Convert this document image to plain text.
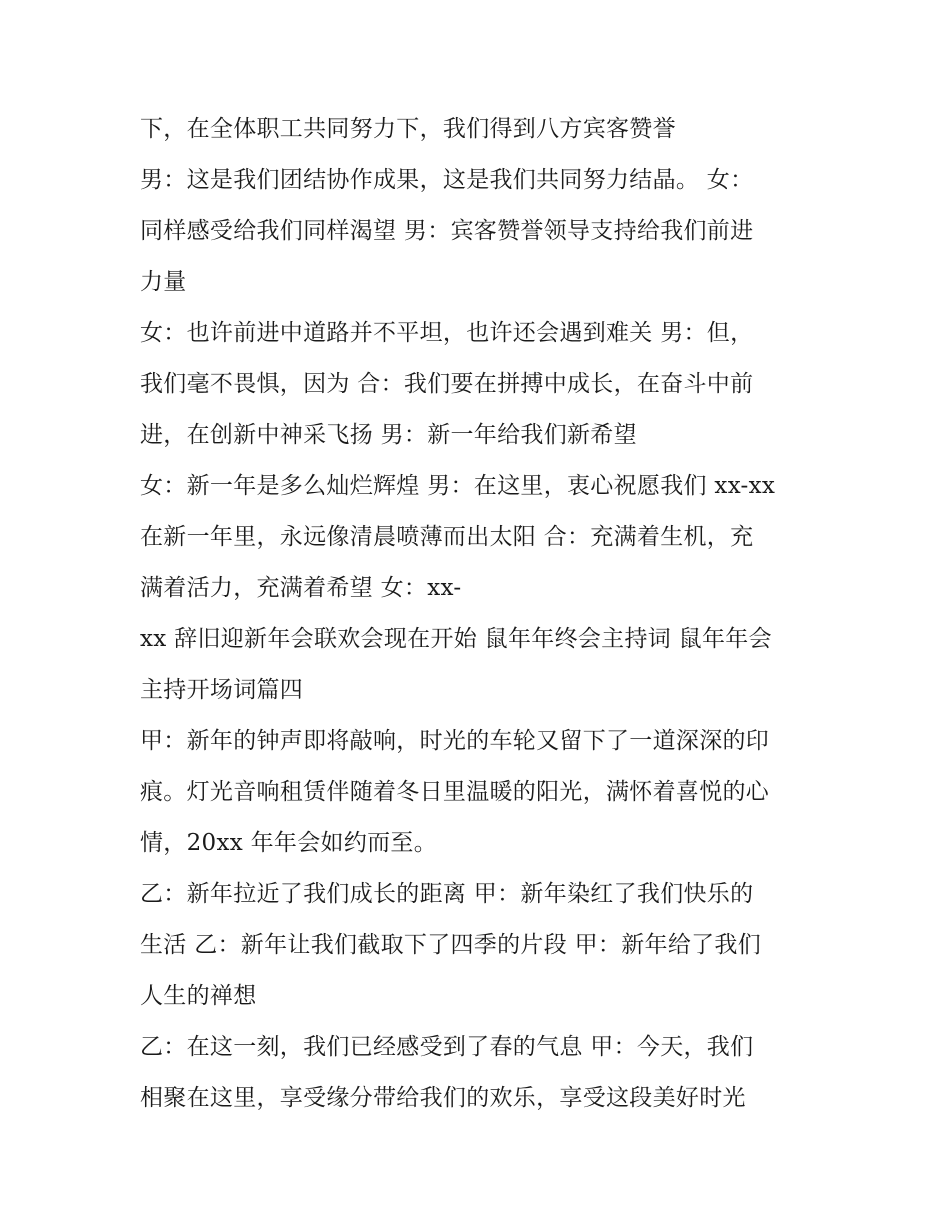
下，在全体职工共同努力下，我们得到八方宾客赞誉
男：这是我们团结协作成果，这是我们共同努力结晶。 女：
同样感受给我们同样渴望 男：宾客赞誉领导支持给我们前进
力量
女：也许前进中道路并不平坦，也许还会遇到难关 男：但，
我们毫不畏惧，因为 合：我们要在拼搏中成长，在奋斗中前
进，在创新中神采飞扬 男：新一年给我们新希望
女：新一年是多么灿烂辉煌 男：在这里，衷心祝愿我们 xx-xx
在新一年里，永远像清晨喷薄而出太阳 合：充满着生机，充
满着活力，充满着希望 女：xx-
xx 辞旧迎新年会联欢会现在开始 鼠年年终会主持词 鼠年年会
主持开场词篇四
甲：新年的钟声即将敲响，时光的车轮又留下了一道深深的印
痕。灯光音响租赁伴随着冬日里温暖的阳光，满怀着喜悦的心
情，20xx 年年会如约而至。
乙：新年拉近了我们成长的距离 甲：新年染红了我们快乐的
生活 乙：新年让我们截取下了四季的片段 甲：新年给了我们
人生的禅想
乙：在这一刻，我们已经感受到了春的气息 甲：今天，我们
相聚在这里，享受缘分带给我们的欢乐，享受这段美好时光
